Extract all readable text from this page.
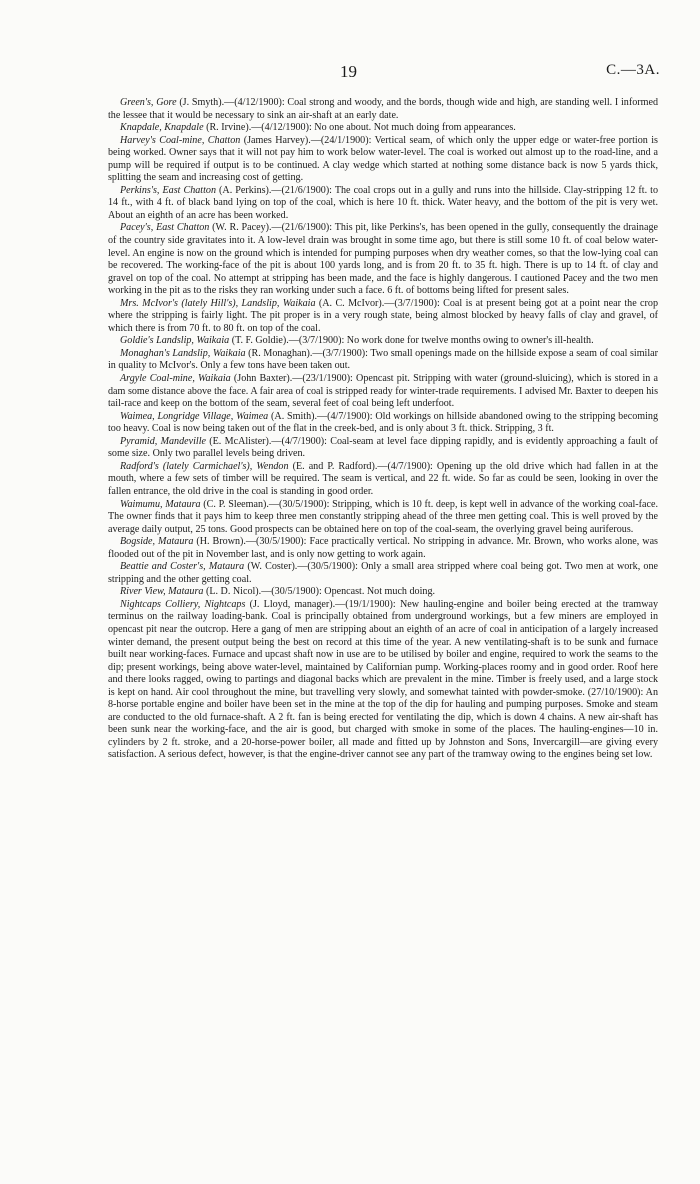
19	C.—3A.

Green's, Gore (J. Smyth).—(4/12/1900): Coal strong and woody, and the bords, though wide and high, are standing well. I informed the lessee that it would be necessary to sink an air-shaft at an early date.

Knapdale, Knapdale (R. Irvine).—(4/12/1900): No one about. Not much doing from appearances.

Harvey's Coal-mine, Chatton (James Harvey).—(24/1/1900): Vertical seam, of which only the upper edge or water-free portion is being worked. Owner says that it will not pay him to work below water-level. The coal is worked out almost up to the road-line, and a pump will be required if output is to be continued. A clay wedge which started at nothing some distance back is now 5 yards thick, splitting the seam and increasing cost of getting.

Perkins's, East Chatton (A. Perkins).—(21/6/1900): The coal crops out in a gully and runs into the hillside. Clay-stripping 12 ft. to 14 ft., with 4 ft. of black band lying on top of the coal, which is here 10 ft. thick. Water heavy, and the bottom of the pit is very wet. About an eighth of an acre has been worked.

Pacey's, East Chatton (W. R. Pacey).—(21/6/1900): This pit, like Perkins's, has been opened in the gully, consequently the drainage of the country side gravitates into it. A low-level drain was brought in some time ago, but there is still some 10 ft. of coal below water-level. An engine is now on the ground which is intended for pumping purposes when dry weather comes, so that the low-lying coal can be recovered. The working-face of the pit is about 100 yards long, and is from 20 ft. to 35 ft. high. There is up to 14 ft. of clay and gravel on top of the coal. No attempt at stripping has been made, and the face is highly dangerous. I cautioned Pacey and the two men working in the pit as to the risks they ran working under such a face. 6 ft. of bottoms being lifted for present sales.

Mrs. McIvor's (lately Hill's), Landslip, Waikaia (A. C. McIvor).—(3/7/1900): Coal is at present being got at a point near the crop where the stripping is fairly light. The pit proper is in a very rough state, being almost blocked by heavy falls of clay and gravel, of which there is from 70 ft. to 80 ft. on top of the coal.

Goldie's Landslip, Waikaia (T. F. Goldie).—(3/7/1900): No work done for twelve months owing to owner's ill-health.

Monaghan's Landslip, Waikaia (R. Monaghan).—(3/7/1900): Two small openings made on the hillside expose a seam of coal similar in quality to McIvor's. Only a few tons have been taken out.

Argyle Coal-mine, Waikaia (John Baxter).—(23/1/1900): Opencast pit. Stripping with water (ground-sluicing), which is stored in a dam some distance above the face. A fair area of coal is stripped ready for winter-trade requirements. I advised Mr. Baxter to deepen his tail-race and keep on the bottom of the seam, several feet of coal being left underfoot.

Waimea, Longridge Village, Waimea (A. Smith).—(4/7/1900): Old workings on hillside abandoned owing to the stripping becoming too heavy. Coal is now being taken out of the flat in the creek-bed, and is only about 3 ft. thick. Stripping, 3 ft.

Pyramid, Mandeville (E. McAlister).—(4/7/1900): Coal-seam at level face dipping rapidly, and is evidently approaching a fault of some size. Only two parallel levels being driven.

Radford's (lately Carmichael's), Wendon (E. and P. Radford).—(4/7/1900): Opening up the old drive which had fallen in at the mouth, where a few sets of timber will be required. The seam is vertical, and 22 ft. wide. So far as could be seen, looking in over the fallen entrance, the old drive in the coal is standing in good order.

Waimumu, Mataura (C. P. Sleeman).—(30/5/1900): Stripping, which is 10 ft. deep, is kept well in advance of the working coal-face. The owner finds that it pays him to keep three men constantly stripping ahead of the three men getting coal. This is well proved by the average daily output, 25 tons. Good prospects can be obtained here on top of the coal-seam, the overlying gravel being auriferous.

Bogside, Mataura (H. Brown).—(30/5/1900): Face practically vertical. No stripping in advance. Mr. Brown, who works alone, was flooded out of the pit in November last, and is only now getting to work again.

Beattie and Coster's, Mataura (W. Coster).—(30/5/1900): Only a small area stripped where coal being got. Two men at work, one stripping and the other getting coal.

River View, Mataura (L. D. Nicol).—(30/5/1900): Opencast. Not much doing.

Nightcaps Colliery, Nightcaps (J. Lloyd, manager).—(19/1/1900): New hauling-engine and boiler being erected at the tramway terminus on the railway loading-bank. Coal is principally obtained from underground workings, but a few miners are employed in opencast pit near the outcrop. Here a gang of men are stripping about an eighth of an acre of coal in anticipation of a largely increased winter demand, the present output being the best on record at this time of the year. A new ventilating-shaft is to be sunk and furnace built near working-faces. Furnace and upcast shaft now in use are to be utilised by boiler and engine, required to work the seams to the dip; present workings, being above water-level, maintained by Californian pump. Working-places roomy and in good order. Roof here and there looks ragged, owing to partings and diagonal backs which are prevalent in the mine. Timber is freely used, and a large stock is kept on hand. Air cool throughout the mine, but travelling very slowly, and somewhat tainted with powder-smoke. (27/10/1900): An 8-horse portable engine and boiler have been set in the mine at the top of the dip for hauling and pumping purposes. Smoke and steam are conducted to the old furnace-shaft. A 2 ft. fan is being erected for ventilating the dip, which is down 4 chains. A new air-shaft has been sunk near the working-face, and the air is good, but charged with smoke in some of the places. The hauling-engines—10 in. cylinders by 2 ft. stroke, and a 20-horse-power boiler, all made and fitted up by Johnston and Sons, Invercargill—are giving every satisfaction. A serious defect, however, is that the engine-driver cannot see any part of the tramway owing to the engines being set low.
